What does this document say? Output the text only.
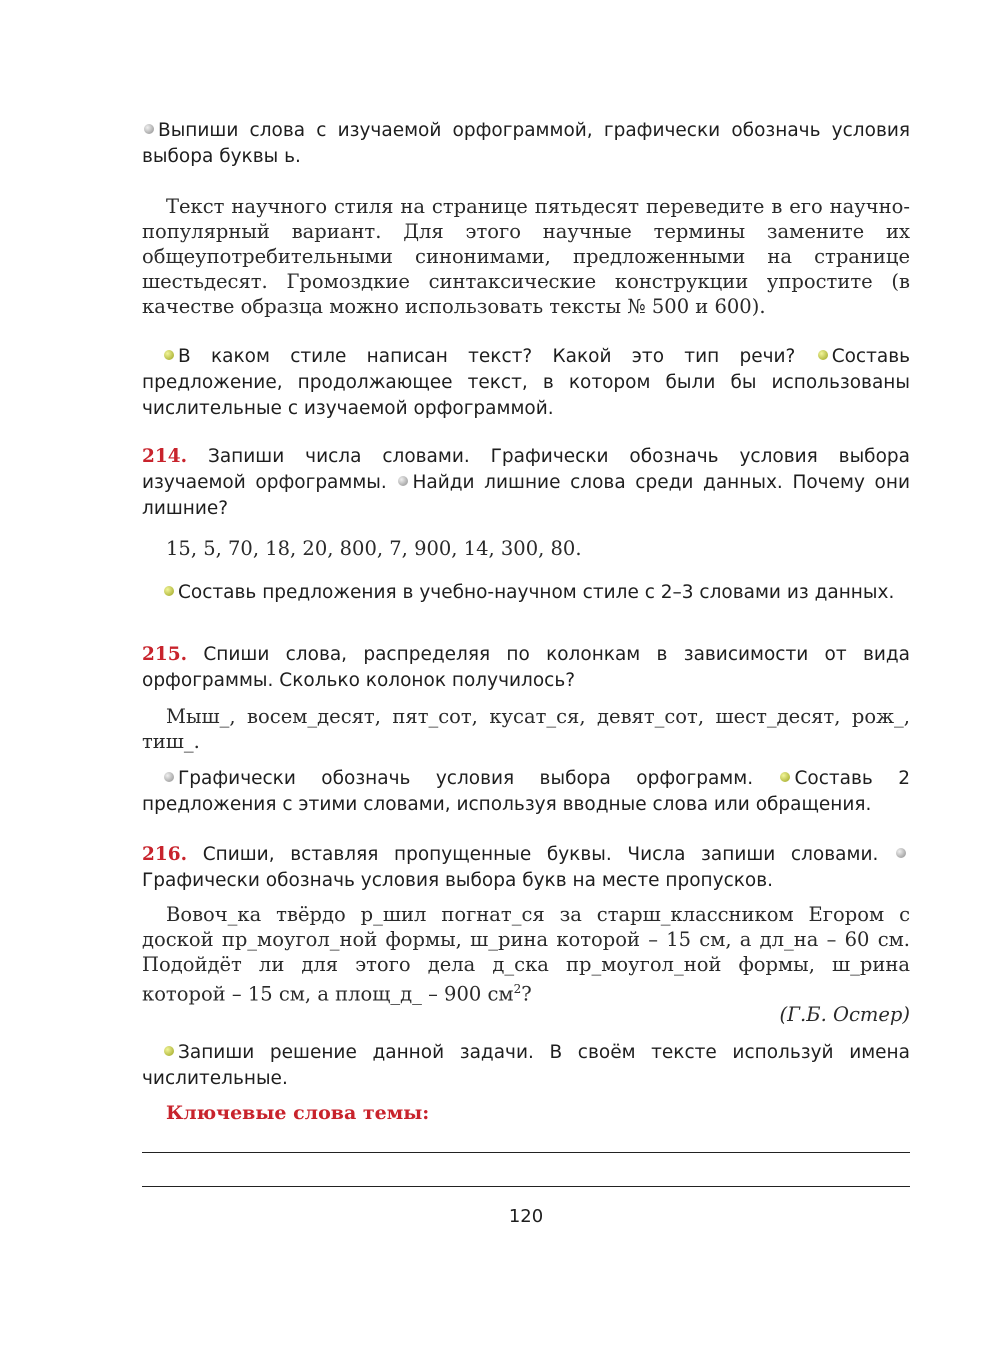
Выпиши слова с изучаемой орфограммой, графически обозначь условия выбора буквы ь.

Текст научного стиля на странице пятьдесят переведите в его научно-популярный вариант. Для этого научные термины замените их общеупотребительными синонимами, предложенными на странице шестьдесят. Громоздкие синтаксические конструкции упростите (в качестве образца можно использовать тексты № 500 и 600).

В каком стиле написан текст? Какой это тип речи? Составь предложение, продолжающее текст, в котором были бы использованы числительные с изучаемой орфограммой.

214. Запиши числа словами. Графически обозначь условия выбора изучаемой орфограммы. Найди лишние слова среди данных. Почему они лишние?

15, 5, 70, 18, 20, 800, 7, 900, 14, 300, 80.

Составь предложения в учебно-научном стиле с 2–3 словами из данных.

215. Спиши слова, распределяя по колонкам в зависимости от вида орфограммы. Сколько колонок получилось?

Мыш_, восем_десят, пят_сот, кусат_ся, девят_сот, шест_десят, рож_, тиш_.

Графически обозначь условия выбора орфограмм. Составь 2 предложения с этими словами, используя вводные слова или обращения.

216. Спиши, вставляя пропущенные буквы. Числа запиши словами. Графически обозначь условия выбора букв на месте пропусков.

Вовоч_ка твёрдо р_шил погнат_ся за старш_классником Егором с доской пр_моугол_ной формы, ш_рина которой – 15 см, а дл_на – 60 см. Подойдёт ли для этого дела д_ска пр_моугол_ной формы, ш_рина которой – 15 см, а площ_д_ – 900 $см^2$?

(Г.Б. Остер)

Запиши решение данной задачи. В своём тексте используй имена числительные.

Ключевые слова темы:

120
